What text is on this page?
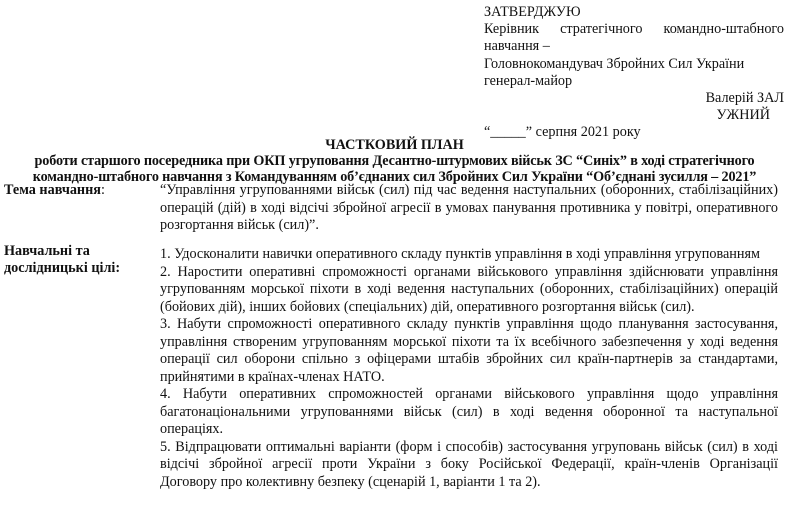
ЗАТВЕРДЖУЮ
Керівник стратегічного командно-штабного
навчання –
Головнокомандувач Збройних Сил України
генерал-майор
Валерій ЗАЛ
УЖНИЙ
“_____” серпня 2021 року
ЧАСТКОВИЙ ПЛАН
роботи старшого посередника при ОКП угруповання Десантно-штурмових військ ЗС “Синіх” в ході стратегічного
командно-штабного навчання з Командуванням об’єднаних сил Збройних Сил України “Об’єднані зусилля – 2021”
Тема навчання:	“Управління угрупованнями військ (сил) під час ведення наступальних (оборонних, стабілізаційних)
операцій (дій) в ході відсічі збройної агресії в умовах панування противника у повітрі, оперативного
розгортання військ (сил)”.
Навчальні та
дослідницькі цілі:
1. Удосконалити навички оперативного складу пунктів управління в ході управління угрупованням
2. Наростити оперативні спроможності органами військового управління здійснювати управління
угрупованням морської піхоти в ході ведення наступальних (оборонних, стабілізаційних) операцій
(бойових дій), інших бойових (спеціальних) дій, оперативного розгортання військ (сил).
3. Набути спроможності оперативного складу пунктів управління щодо планування застосування,
управління створеним угрупованням морської піхоти та їх всебічного забезпечення у ході ведення
операції сил оборони спільно з офіцерами штабів збройних сил країн-партнерів за стандартами,
прийнятими в країнах-членах НАТО.
4. Набути оперативних спроможностей органами військового управління щодо управління
багатонаціональними угрупованнями військ (сил) в ході ведення оборонної та наступальної
операціях.
5. Відпрацювати оптимальні варіанти (форм і способів) застосування угруповань військ (сил) в ході
відсічі збройної агресії проти України з боку Російської Федерації, країн-членів Організації
Договору про колективну безпеку (сценарій 1, варіанти 1 та 2).
